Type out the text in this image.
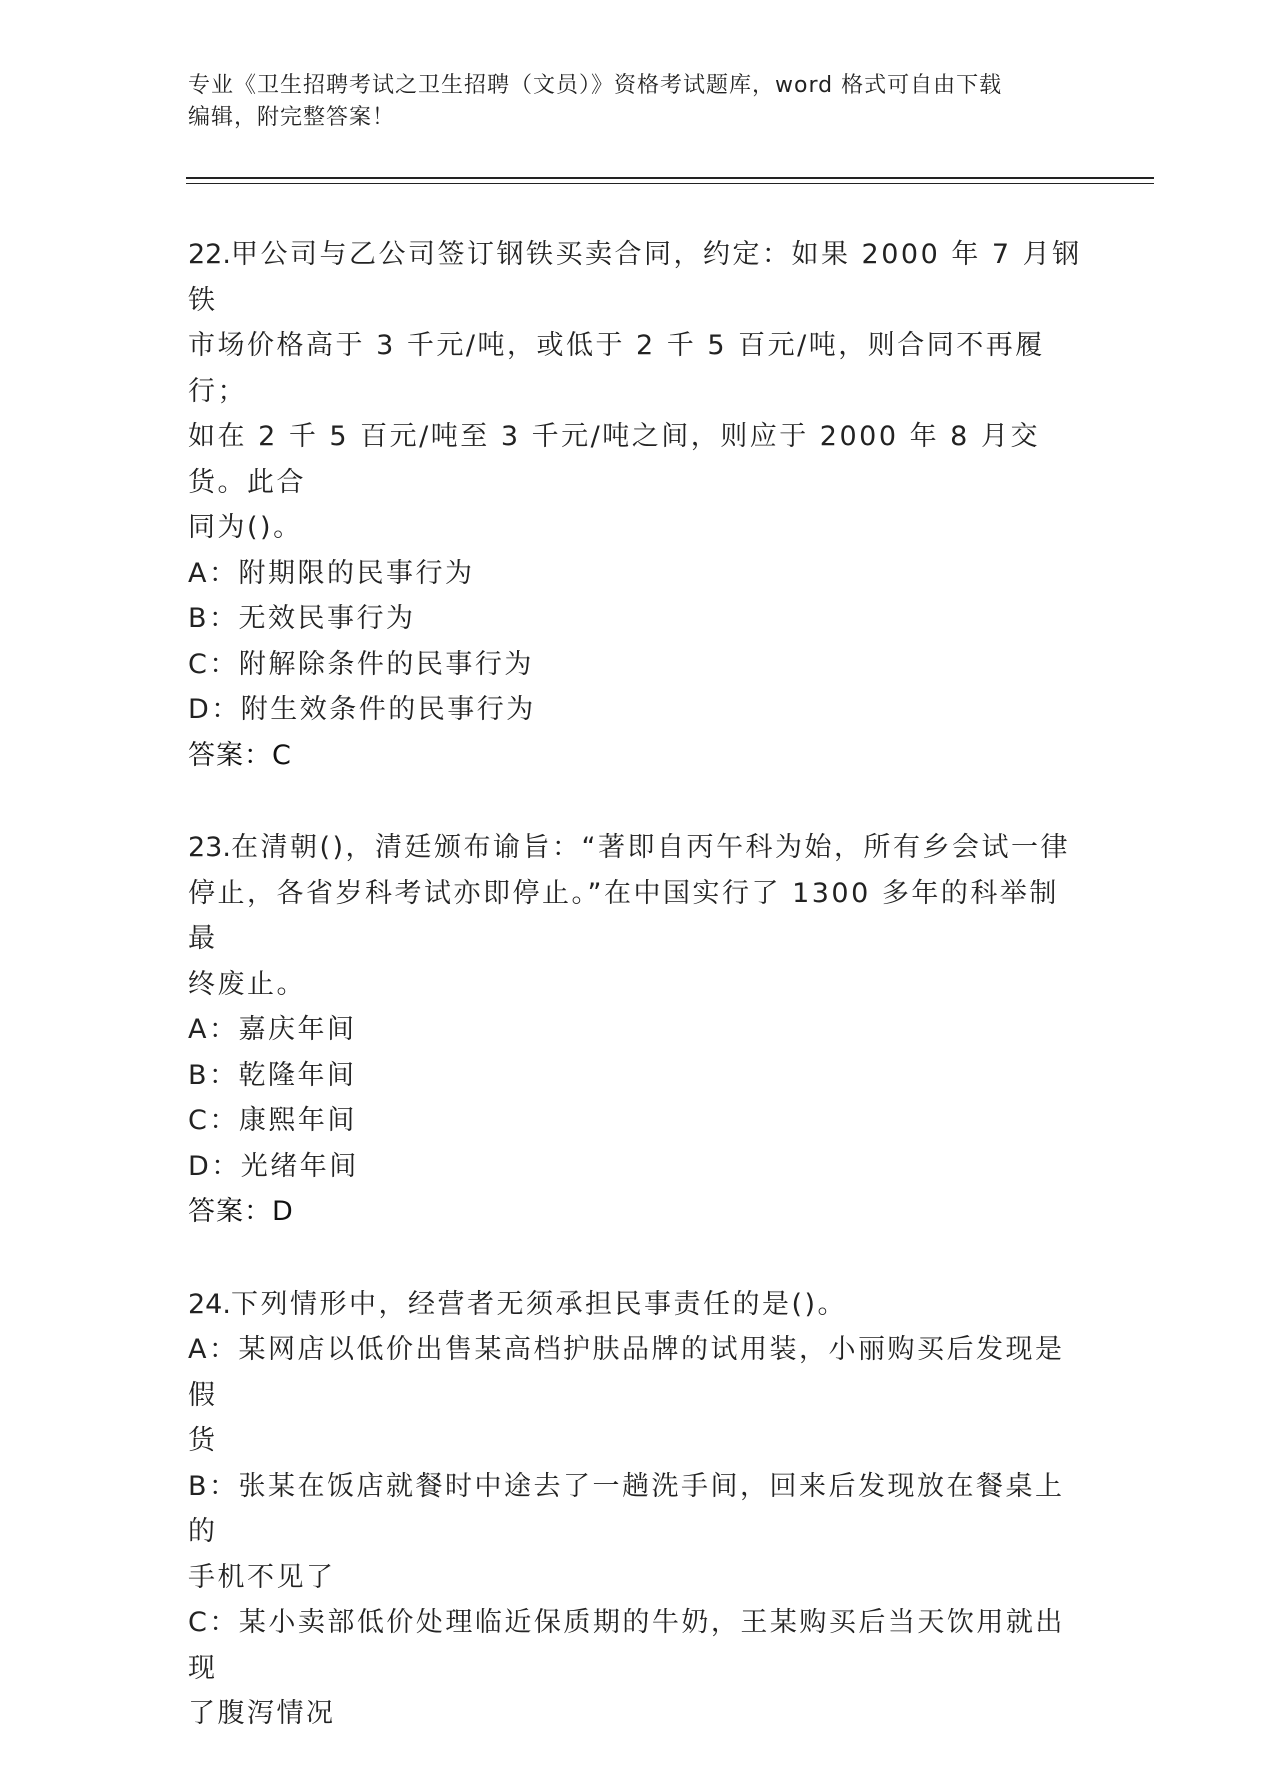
专业《卫生招聘考试之卫生招聘（文员）》资格考试题库，word 格式可自由下载
编辑，附完整答案！

22.甲公司与乙公司签订钢铁买卖合同，约定：如果 2000 年 7 月钢铁

市场价格高于 3 千元/吨，或低于 2 千 5 百元/吨，则合同不再履行；

如在 2 千 5 百元/吨至 3 千元/吨之间，则应于 2000 年 8 月交货。此合

同为()。

A：附期限的民事行为

B：无效民事行为

C：附解除条件的民事行为

D：附生效条件的民事行为

答案：C

23.在清朝()，清廷颁布谕旨：“著即自丙午科为始，所有乡会试一律

停止，各省岁科考试亦即停止。”在中国实行了 1300 多年的科举制最

终废止。

A：嘉庆年间

B：乾隆年间

C：康熙年间

D：光绪年间

答案：D

24.下列情形中，经营者无须承担民事责任的是()。

A：某网店以低价出售某高档护肤品牌的试用装，小丽购买后发现是假

货

B：张某在饭店就餐时中途去了一趟洗手间，回来后发现放在餐桌上的

手机不见了

C：某小卖部低价处理临近保质期的牛奶，王某购买后当天饮用就出现

了腹泻情况
